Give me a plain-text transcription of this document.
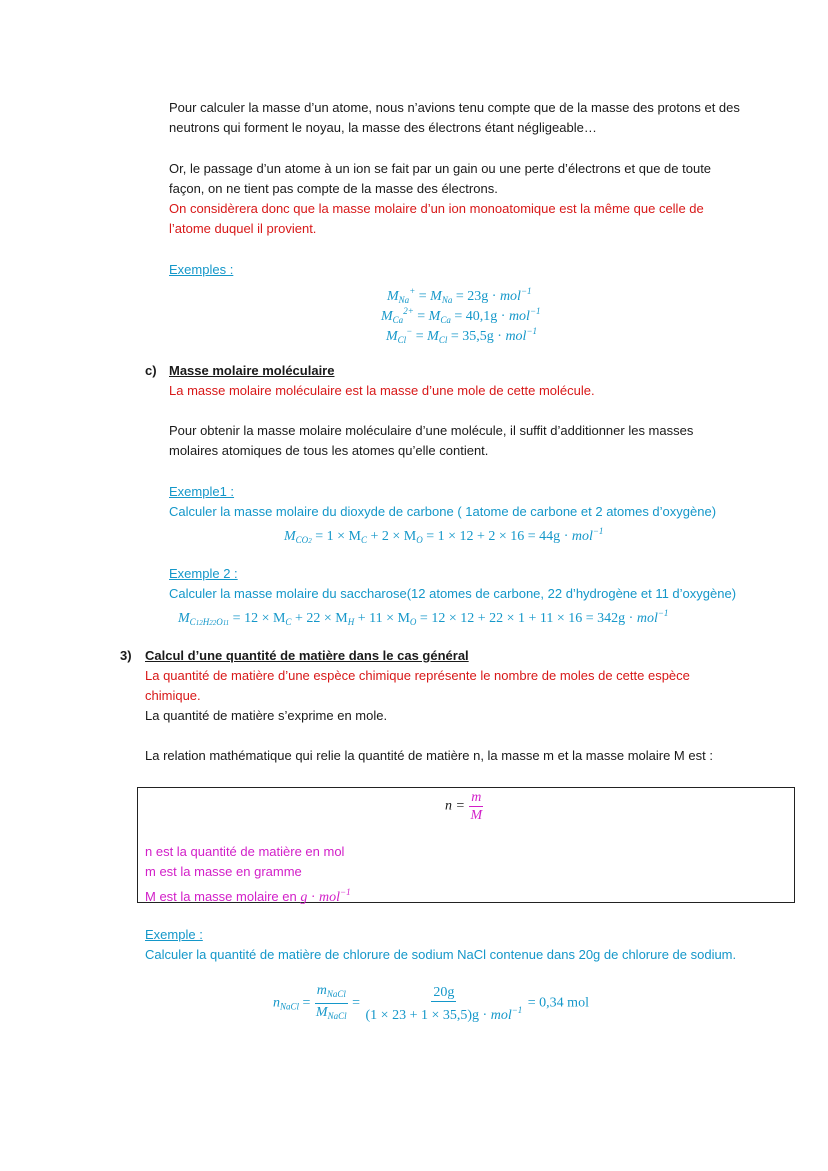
Pour calculer la masse d’un atome, nous n’avions tenu compte que de la masse des protons et des
neutrons qui forment le noyau, la masse des électrons étant négligeable…
Or, le passage d’un atome à un ion se fait par un gain ou une perte d’électrons et que de toute
façon, on ne tient pas compte de la masse des électrons.
On considèrera donc que la masse molaire d’un ion monoatomique est la même que celle de
l’atome duquel il provient.
Exemples :
$M_{Na}^+ = M_{Na} = 23g \cdot mol^{-1}$
$M_{Ca}^{2+} = M_{Ca} = 40,1g \cdot mol^{-1}$
$M_{Cl}^- = M_{Cl} = 35,5g \cdot mol^{-1}$
c) Masse molaire moléculaire
La masse molaire moléculaire est la masse d’une mole de cette molécule.
Pour obtenir la masse molaire moléculaire d’une molécule, il suffit d’additionner les masses
molaires atomiques de tous les atomes qu’elle contient.
Exemple1 :
Calculer la masse molaire du dioxyde de carbone ( 1atome de carbone et 2 atomes d’oxygène)
$M_{CO2} = 1 \times M_C + 2 \times M_O = 1 \times 12 + 2 \times 16 = 44g \cdot mol^{-1}$
Exemple 2 :
Calculer la masse molaire du saccharose(12 atomes de carbone, 22 d’hydrogène et 11 d’oxygène)
$M_{C12H22O11} = 12 \times M_C + 22 \times M_H + 11 \times M_O = 12 \times 12 + 22 \times 1 + 11 \times 16 = 342g \cdot mol^{-1}$
3) Calcul d’une quantité de matière dans le cas général
La quantité de matière d’une espèce chimique représente le nombre de moles de cette espèce
chimique.
La quantité de matière s’exprime en mole.
La relation mathématique qui relie la quantité de matière n, la masse m et la masse molaire M est :
$n = \frac{m}{M}$
n est la quantité de matière en mol
m est la masse en gramme
M est la masse molaire en g · mol$^{-1}$
Exemple :
Calculer la quantité de matière de chlorure de sodium NaCl contenue dans 20g de chlorure de sodium.
$n_{NaCl} = \frac{m_{NaCl}}{M_{NaCl}} = \frac{20g}{(1 \times 23 + 1 \times 35,5)g \cdot mol^{-1}} = 0,34$ mol
